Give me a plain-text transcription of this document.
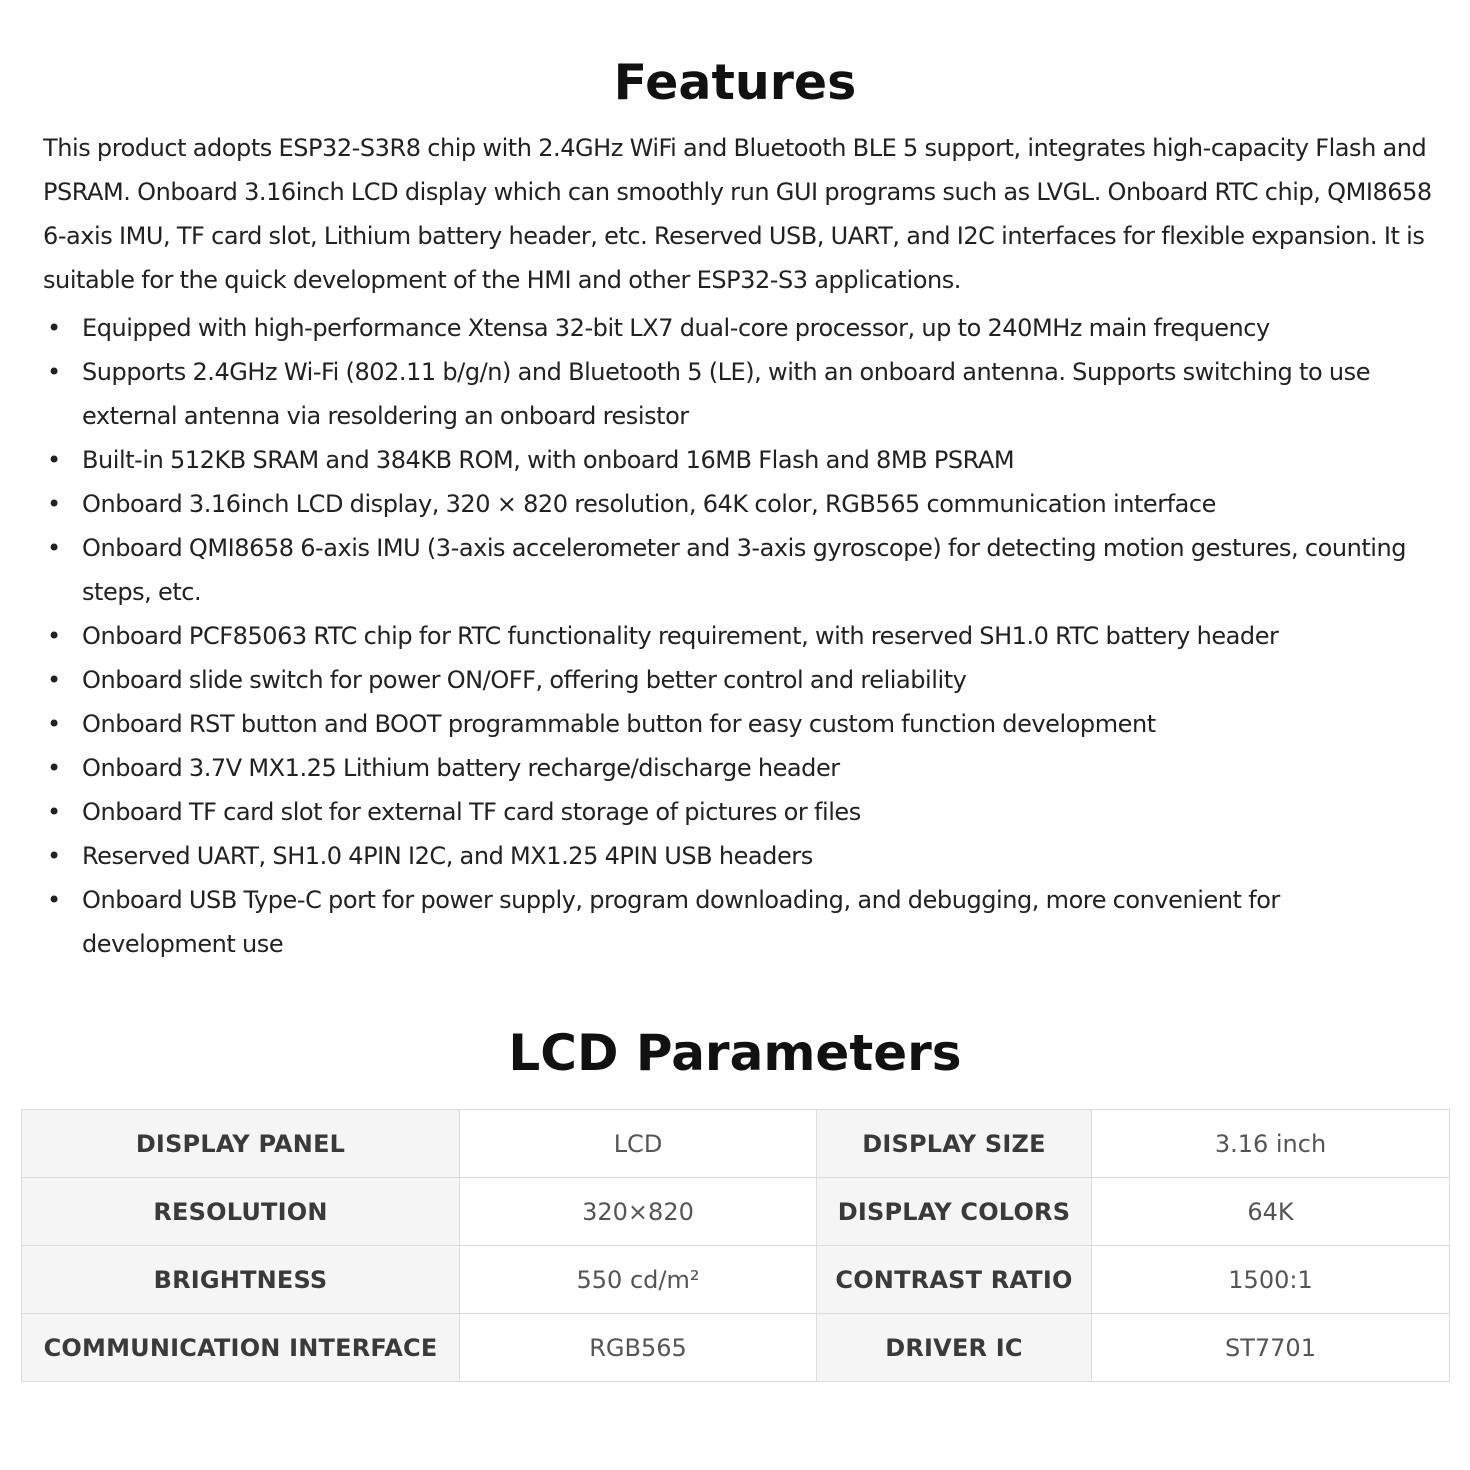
Features

This product adopts ESP32-S3R8 chip with 2.4GHz WiFi and Bluetooth BLE 5 support, integrates high-capacity Flash and PSRAM. Onboard 3.16inch LCD display which can smoothly run GUI programs such as LVGL. Onboard RTC chip, QMI8658 6-axis IMU, TF card slot, Lithium battery header, etc. Reserved USB, UART, and I2C interfaces for flexible expansion. It is suitable for the quick development of the HMI and other ESP32-S3 applications.

• Equipped with high-performance Xtensa 32-bit LX7 dual-core processor, up to 240MHz main frequency
• Supports 2.4GHz Wi-Fi (802.11 b/g/n) and Bluetooth 5 (LE), with an onboard antenna. Supports switching to use external antenna via resoldering an onboard resistor
• Built-in 512KB SRAM and 384KB ROM, with onboard 16MB Flash and 8MB PSRAM
• Onboard 3.16inch LCD display, 320 × 820 resolution, 64K color, RGB565 communication interface
• Onboard QMI8658 6-axis IMU (3-axis accelerometer and 3-axis gyroscope) for detecting motion gestures, counting steps, etc.
• Onboard PCF85063 RTC chip for RTC functionality requirement, with reserved SH1.0 RTC battery header
• Onboard slide switch for power ON/OFF, offering better control and reliability
• Onboard RST button and BOOT programmable button for easy custom function development
• Onboard 3.7V MX1.25 Lithium battery recharge/discharge header
• Onboard TF card slot for external TF card storage of pictures or files
• Reserved UART, SH1.0 4PIN I2C, and MX1.25 4PIN USB headers
• Onboard USB Type-C port for power supply, program downloading, and debugging, more convenient for development use
LCD Parameters
DISPLAY PANEL	LCD	DISPLAY SIZE	3.16 inch
RESOLUTION	320×820	DISPLAY COLORS	64K
BRIGHTNESS	550 cd/m²	CONTRAST RATIO	1500:1
COMMUNICATION INTERFACE	RGB565	DRIVER IC	ST7701
